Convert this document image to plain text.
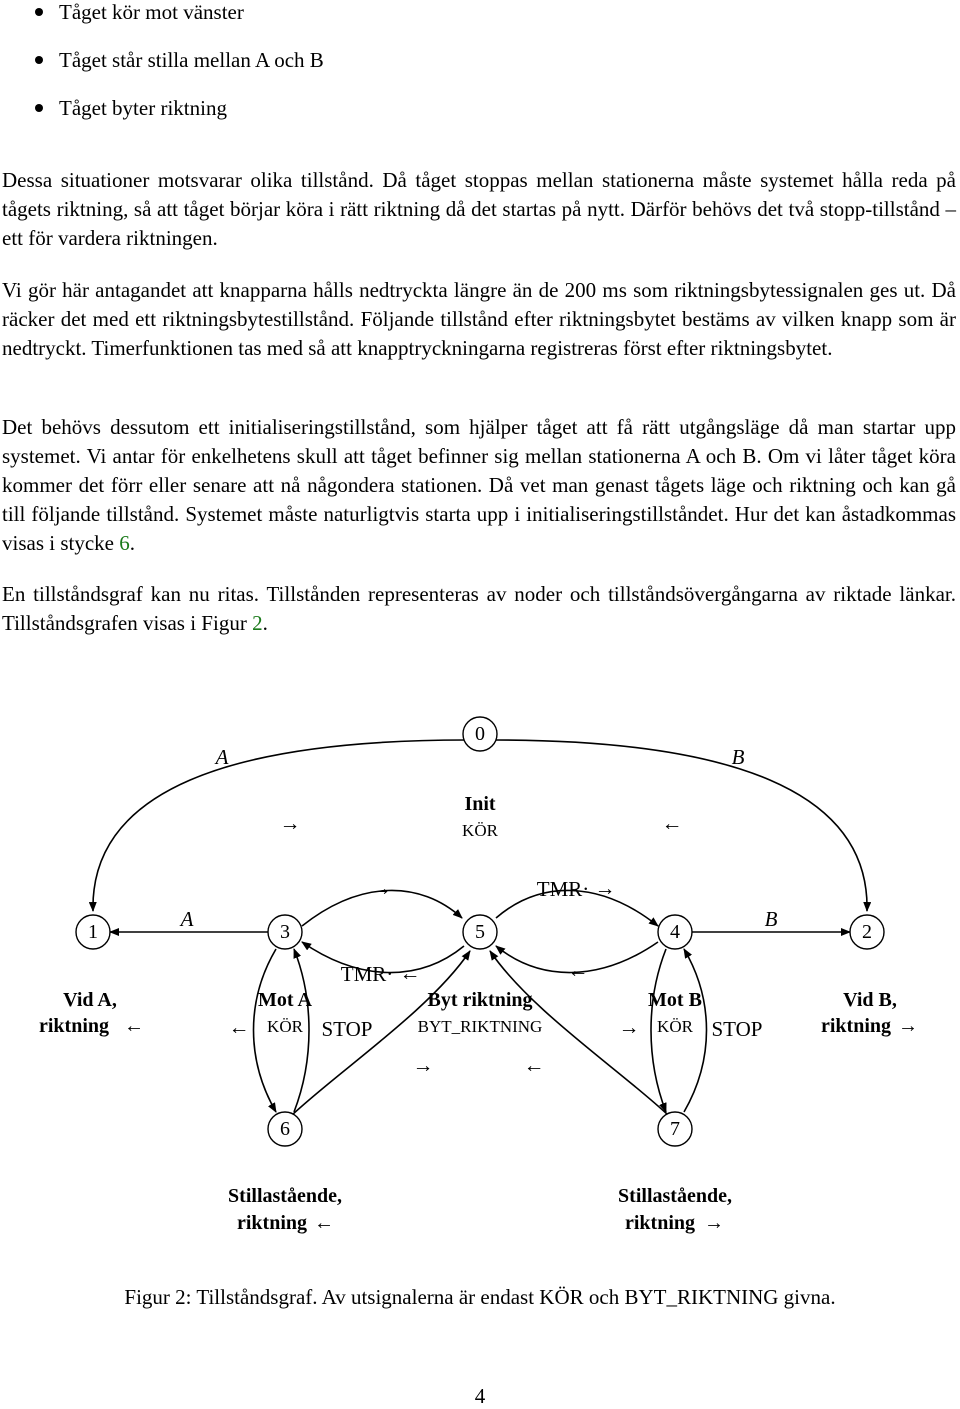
Tåget kör mot vänster
Tåget står stilla mellan A och B
Tåget byter riktning

Dessa situationer motsvarar olika tillstånd. Då tåget stoppas mellan stationerna måste systemet hålla reda på tågets riktning, så att tåget börjar köra i rätt riktning då det startas på nytt. Därför behövs det två stopp-tillstånd – ett för vardera riktningen.

Vi gör här antagandet att knapparna hålls nedtryckta längre än de 200 ms som riktningsbytessignalen ges ut. Då räcker det med ett riktningsbytestillstånd. Följande tillstånd efter riktningsbytet bestäms av vilken knapp som är nedtryckt. Timerfunktionen tas med så att knapptryckningarna registreras först efter riktningsbytet.

Det behövs dessutom ett initialiseringstillstånd, som hjälper tåget att få rätt utgångsläge då man startar upp systemet. Vi antar för enkelhetens skull att tåget befinner sig mellan stationerna A och B. Om vi låter tåget köra kommer det förr eller senare att nå någondera stationen. Då vet man genast tågets läge och riktning och kan gå till följande tillstånd. Systemet måste naturligtvis starta upp i initialiseringstillståndet. Hur det kan åstadkommas visas i stycke 6.

En tillståndsgraf kan nu ritas. Tillstånden representeras av noder och tillståndsövergångarna av riktade länkar. Tillståndsgrafen visas i Figur 2.

0
1	3	5	4	2
6	7
Init
KÖR
Vid A,
riktning ←
Vid B,
riktning →
Mot A
KÖR
Mot B
KÖR
Byt riktning
BYT_RIKTNING
Stillastående,
riktning ←
Stillastående,
riktning →
A	B
→	←
A	B
→	TMR· →
TMR· ←	←
←	STOP	→	STOP
→	←
Figur 2: Tillståndsgraf. Av utsignalerna är endast KÖR och BYT_RIKTNING givna.
4
